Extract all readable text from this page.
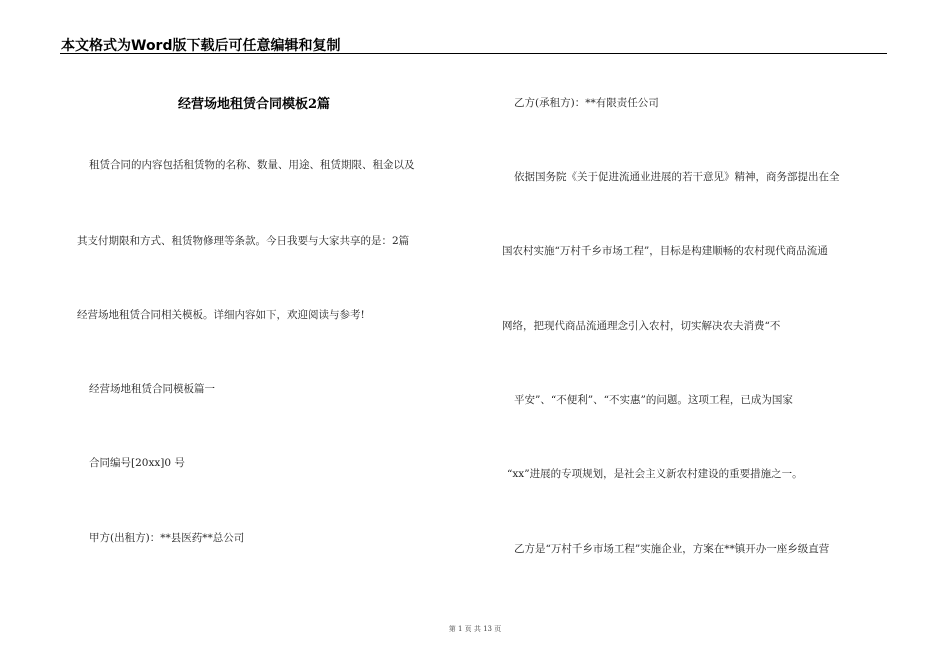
本文格式为Word版下载后可任意编辑和复制
经营场地租赁合同模板2篇
租赁合同的内容包括租赁物的名称、数量、用途、租赁期限、租金以及
其支付期限和方式、租赁物修理等条款。今日我要与大家共享的是：2篇
经营场地租赁合同相关模板。详细内容如下，欢迎阅读与参考!
经营场地租赁合同模板篇一
合同编号[20xx]0 号
甲方(出租方)：**县医药**总公司
乙方(承租方)：**有限责任公司
依据国务院《关于促进流通业进展的若干意见》精神，商务部提出在全
国农村实施“万村千乡市场工程”，目标是构建顺畅的农村现代商品流通
网络，把现代商品流通理念引入农村，切实解决农夫消费“不
平安”、“不便利”、“不实惠”的问题。这项工程，已成为国家
“xx”进展的专项规划，是社会主义新农村建设的重要措施之一。
乙方是“万村千乡市场工程”实施企业，方案在**镇开办一座乡级直营
第 1 页 共 13 页
